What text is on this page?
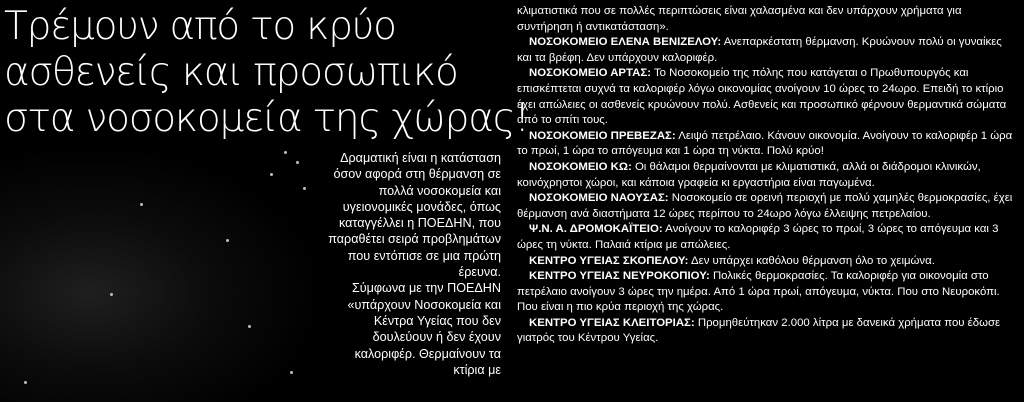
Τρέμουν από το κρύο
ασθενείς και προσωπικό
στα νοσοκομεία της χώρας!

Δραματική είναι η κατάσταση όσον αφορά στη θέρμανση σε πολλά νοσοκομεία και υγειονομικές μονάδες, όπως καταγγέλλει η ΠΟΕΔΗΝ, που παραθέτει σειρά προβλημάτων που εντόπισε σε μια πρώτη έρευνα.

Σύμφωνα με την ΠΟΕΔΗΝ «υπάρχουν Νοσοκομεία και Κέντρα Υγείας που δεν δουλεύουν ή δεν έχουν καλοριφέρ. Θερμαίνουν τα κτίρια με

κλιματιστικά που σε πολλές περιπτώσεις είναι χαλασμένα και δεν υπάρχουν χρήματα για συντήρηση ή αντικατάσταση».

ΝΟΣΟΚΟΜΕΙΟ ΕΛΕΝΑ ΒΕΝΙΖΕΛΟΥ: Ανεπαρκέστατη θέρμανση. Κρυώνουν πολύ οι γυναίκες και τα βρέφη. Δεν υπάρχουν καλοριφέρ.

ΝΟΣΟΚΟΜΕΙΟ ΑΡΤΑΣ: Το Νοσοκομείο της πόλης που κατάγεται ο Πρωθυπουργός και επισκέπτεται συχνά τα καλοριφέρ λόγω οικονομίας ανοίγουν 10 ώρες το 24ωρο. Επειδή το κτίριο έχει απώλειες οι ασθενείς κρυώνουν πολύ. Ασθενείς και προσωπικό φέρνουν θερμαντικά σώματα από το σπίτι τους.

ΝΟΣΟΚΟΜΕΙΟ ΠΡΕΒΕΖΑΣ: Λειψό πετρέλαιο. Κάνουν οικονομία. Ανοίγουν το καλοριφέρ 1 ώρα το πρωί, 1 ώρα το απόγευμα και 1 ώρα τη νύκτα. Πολύ κρύο!

ΝΟΣΟΚΟΜΕΙΟ ΚΩ: Οι θάλαμοι θερμαίνονται με κλιματιστικά, αλλά οι διάδρομοι κλινικών, κοινόχρηστοι χώροι, και κάποια γραφεία κι εργαστήρια είναι παγωμένα.

ΝΟΣΟΚΟΜΕΙΟ ΝΑΟΥΣΑΣ: Νοσοκομείο σε ορεινή περιοχή με πολύ χαμηλές θερμοκρασίες, έχει θέρμανση ανά διαστήματα 12 ώρες περίπου το 24ωρο λόγω έλλειψης πετρελαίου.

Ψ.Ν. Α. ΔΡΟΜΟΚΑΪΤΕΙΟ: Ανοίγουν το καλοριφέρ 3 ώρες το πρωί, 3 ώρες το απόγευμα και 3 ώρες τη νύκτα. Παλαιά κτίρια με απώλειες.

ΚΕΝΤΡΟ ΥΓΕΙΑΣ ΣΚΟΠΕΛΟΥ: Δεν υπάρχει καθόλου θέρμανση όλο το χειμώνα.

ΚΕΝΤΡΟ ΥΓΕΙΑΣ ΝΕΥΡΟΚΟΠΙΟΥ: Πολικές θερμοκρασίες. Τα καλοριφέρ για οικονομία στο πετρέλαιο ανοίγουν 3 ώρες την ημέρα. Από 1 ώρα πρωί, απόγευμα, νύκτα. Που στο Νευροκόπι. Που είναι η πιο κρύα περιοχή της χώρας.

ΚΕΝΤΡΟ ΥΓΕΙΑΣ ΚΛΕΙΤΟΡΙΑΣ: Προμηθεύτηκαν 2.000 λίτρα με δανεικά χρήματα που έδωσε γιατρός του Κέντρου Υγείας.
